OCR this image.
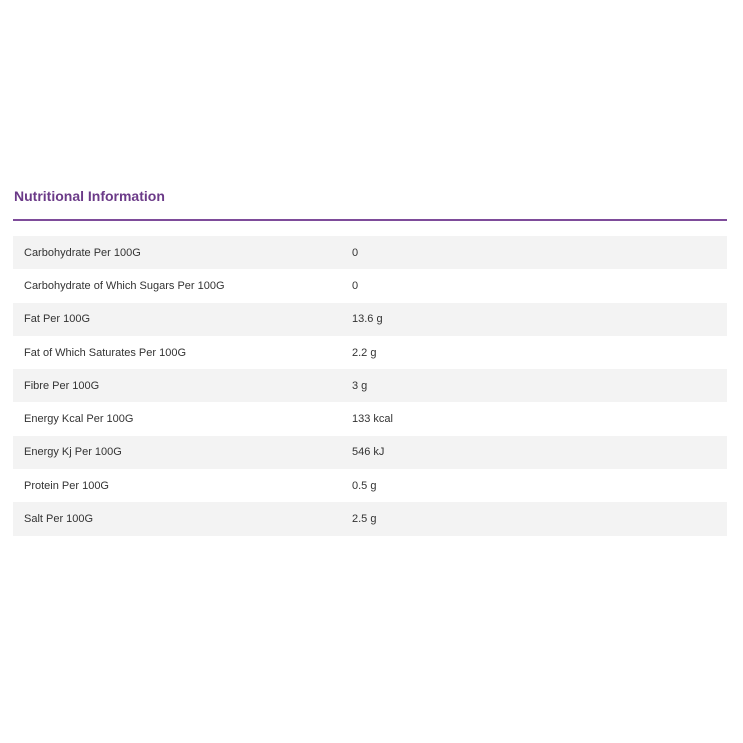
Nutritional Information
Carbohydrate Per 100G	0
Carbohydrate of Which Sugars Per 100G	0
Fat Per 100G	13.6 g
Fat of Which Saturates Per 100G	2.2 g
Fibre Per 100G	3 g
Energy Kcal Per 100G	133 kcal
Energy Kj Per 100G	546 kJ
Protein Per 100G	0.5 g
Salt Per 100G	2.5 g
